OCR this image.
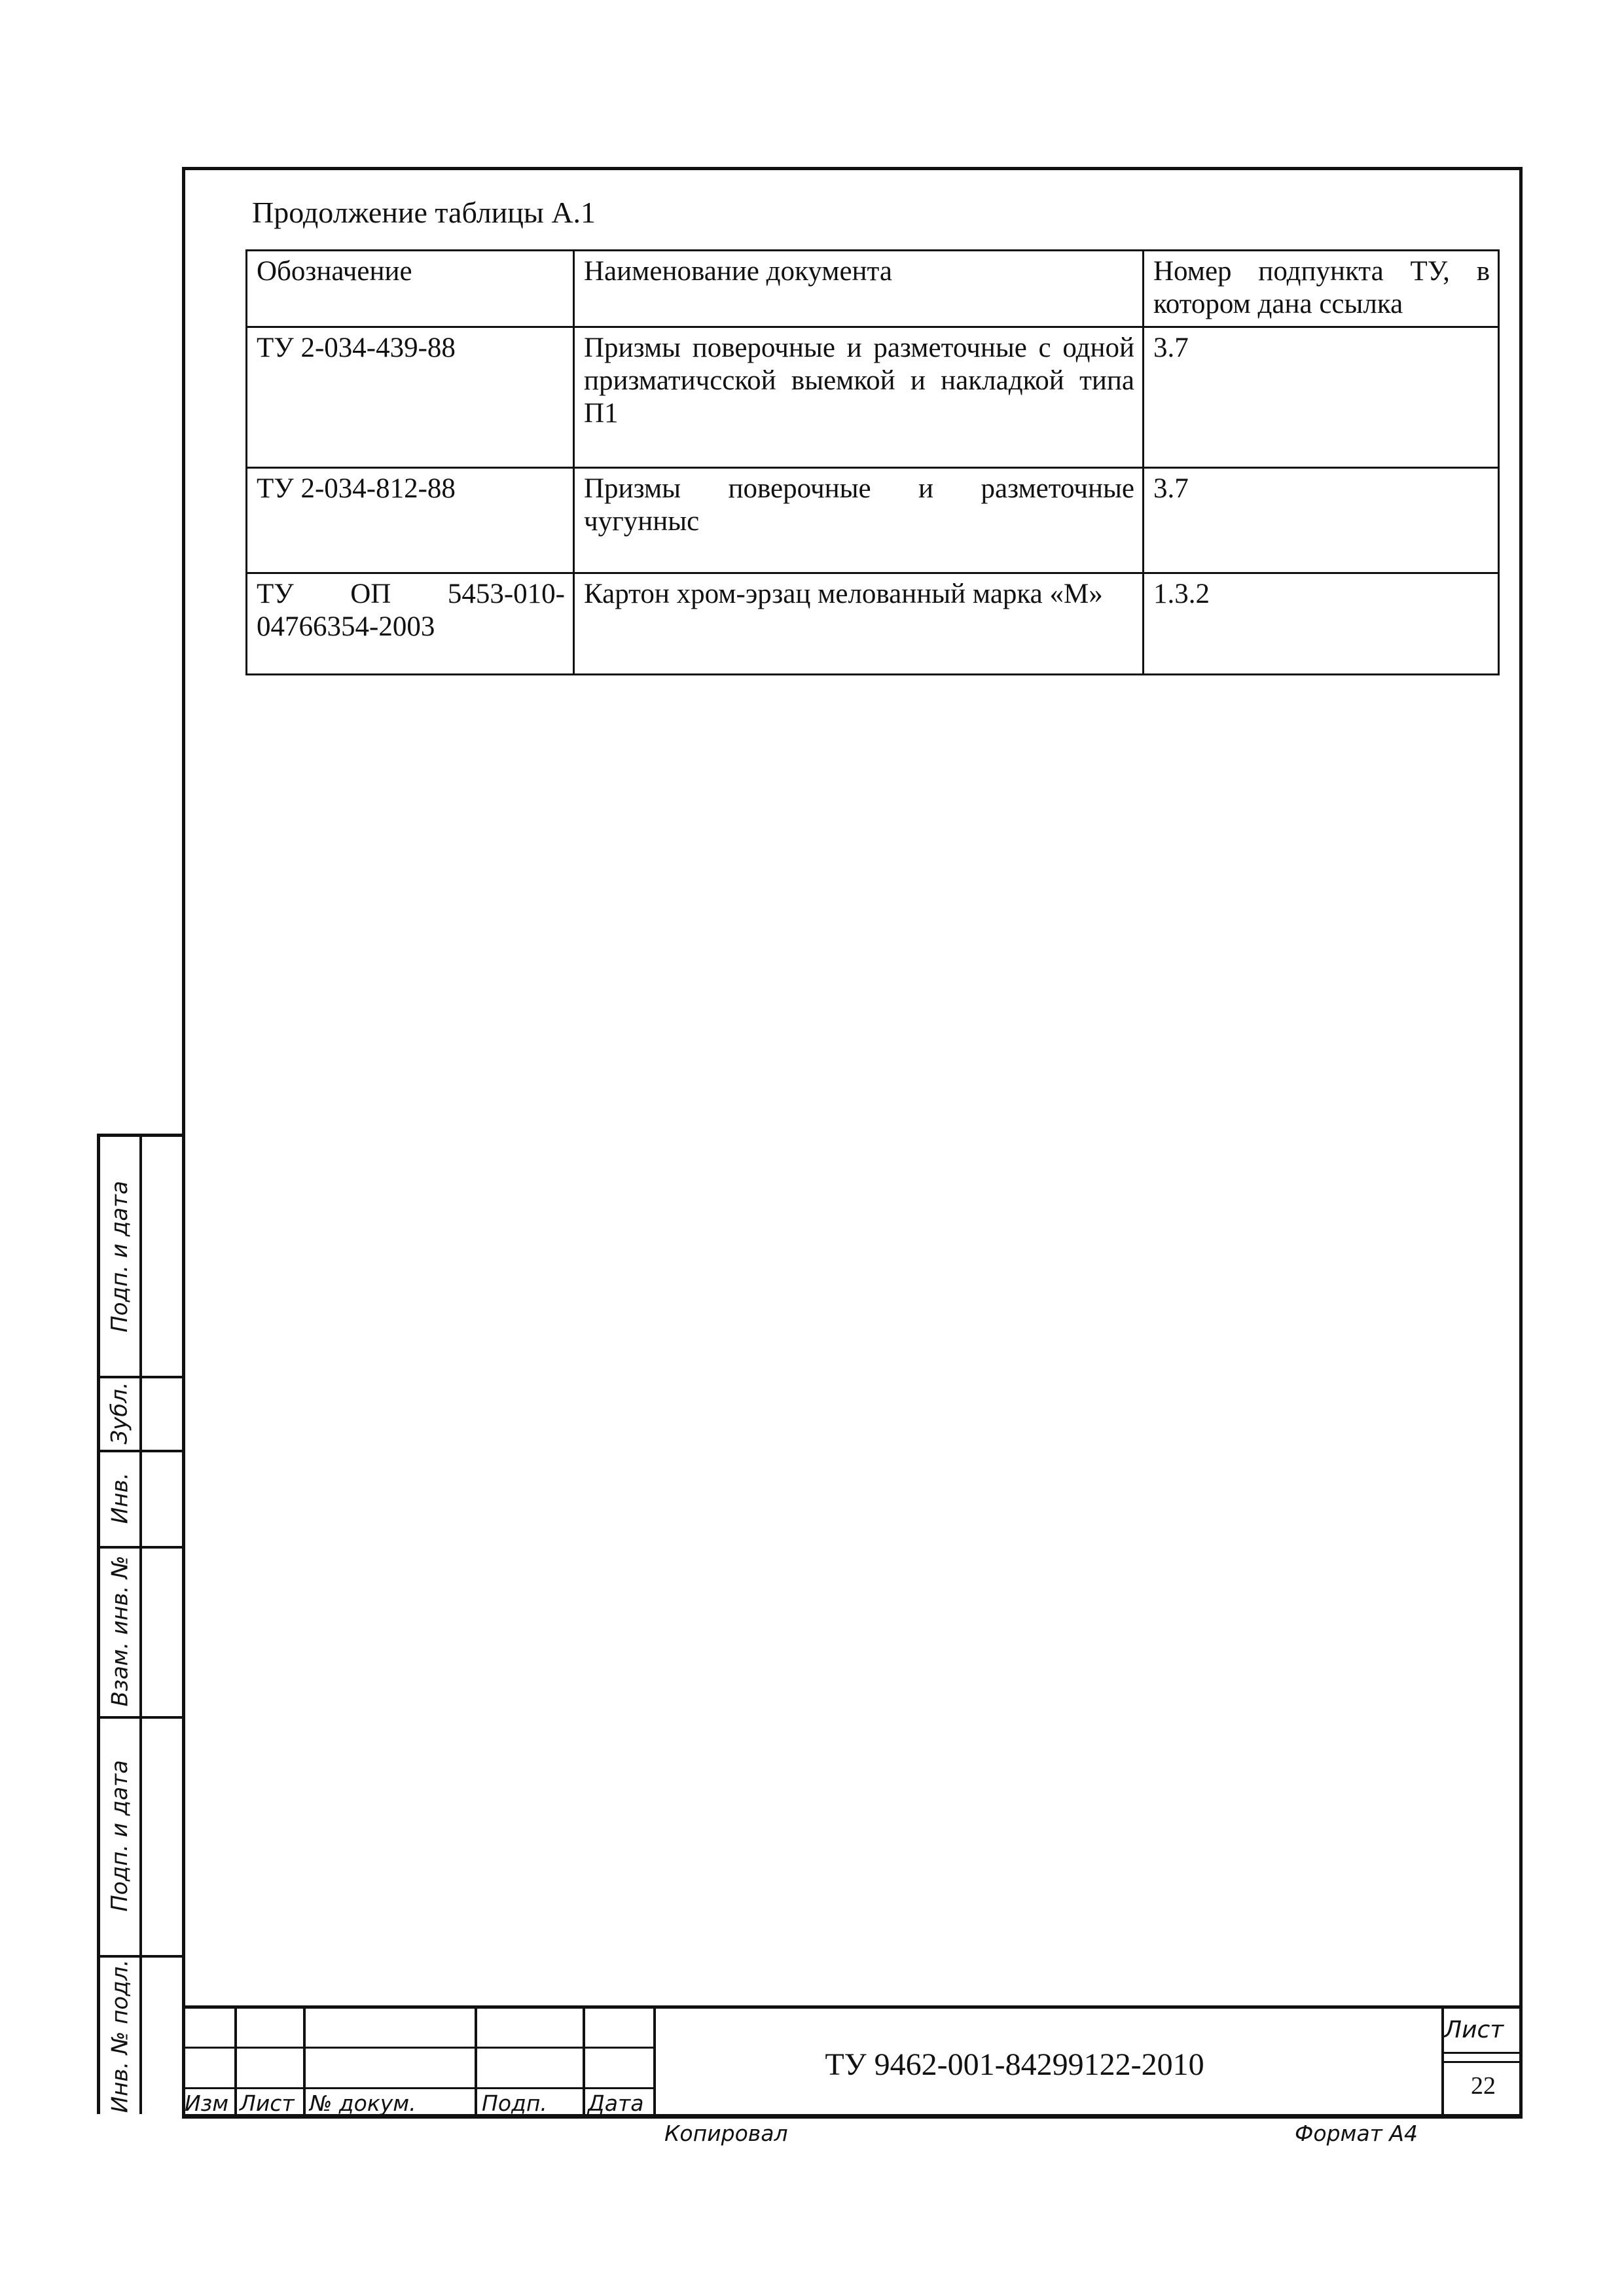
Продолжение таблицы А.1
Обозначение	Наименование документа	Номер подпункта ТУ, в котором дана ссылка
ТУ 2-034-439-88	Призмы поверочные и разметочные с одной призматичсской выемкой и накладкой типа П1	3.7
ТУ 2-034-812-88	Призмы поверочные и разметочные чугунныс	3.7
ТУ ОП 5453-010-04766354-2003	Картон хром-эрзац мелованный марка «М»	1.3.2
Подп. и дата
Зубл.
Инв.
Взам. инв. №
Подп. и дата
Инв. № подл. Изм Лист № докум.	Подп. Дата
ТУ 9462-001-84299122-2010
Лист
22
Копировал	Формат А4
